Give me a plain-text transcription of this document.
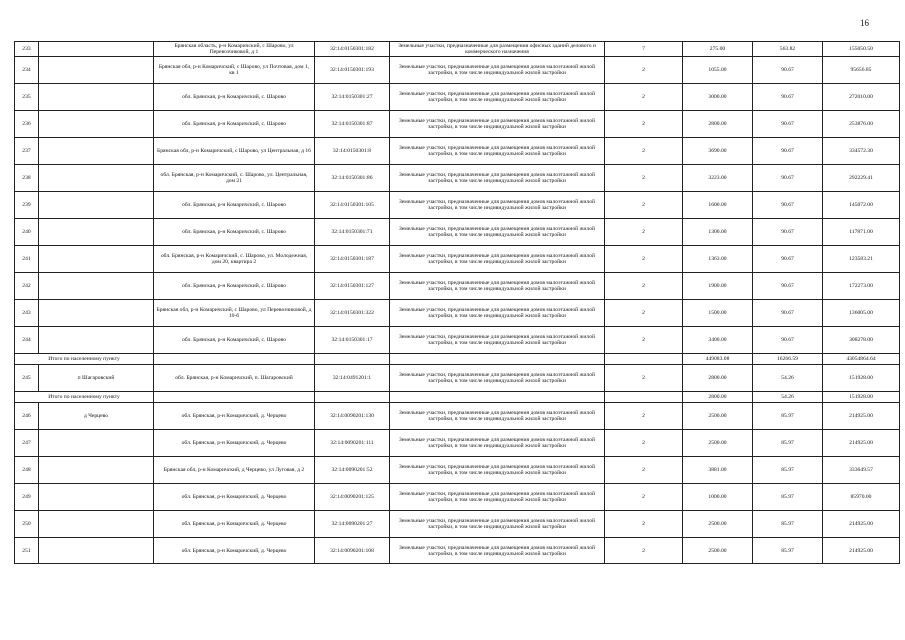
16
233		Брянская область, р-н Комаричский, с Шарово, ул Перевозчиковой, д 1	32:14:0150301:182	Земельные участки, предназначенные для размещения офисных зданий делового и коммерческого назначения	7	275.00	563.82	155050.50
234		Брянская обл, р-н Комаричский, с Шарово, ул Почтовая, дом 1, кв 1	32:14:0150301:193	Земельные участки, предназначенные для размещения домов малоэтажной жилой застройки, в том числе индивидуальной жилой застройки	2	1055.00	90.67	95656.85
235		обл. Брянская, р-н Комаричский, с. Шарово	32:14:0150301:27	Земельные участки, предназначенные для размещения домов малоэтажной жилой застройки, в том числе индивидуальной жилой застройки	2	3000.00	90.67	272010.00
236		обл. Брянская, р-н Комаричский, с. Шарово	32:14:0150301:87	Земельные участки, предназначенные для размещения домов малоэтажной жилой застройки, в том числе индивидуальной жилой застройки	2	2800.00	90.67	253876.00
237		Брянская обл, р-н Комаричский, с Шарово, ул Центральная, д 16	32:14:0150301:8	Земельные участки, предназначенные для размещения домов малоэтажной жилой застройки, в том числе индивидуальной жилой застройки	2	3690.00	90.67	334572.30
238		обл. Брянская, р-н Комаричский, с. Шарово, ул. Центральная, дом 21	32:14:0150301:86	Земельные участки, предназначенные для размещения домов малоэтажной жилой застройки, в том числе индивидуальной жилой застройки	2	3223.00	90.67	292229.41
239		обл. Брянская, р-н Комаричский, с. Шарово	32:14:0150301:105	Земельные участки, предназначенные для размещения домов малоэтажной жилой застройки, в том числе индивидуальной жилой застройки	2	1600.00	90.67	145072.00
240		обл. Брянская, р-н Комаричский, с. Шарово	32:14:0150301:71	Земельные участки, предназначенные для размещения домов малоэтажной жилой застройки, в том числе индивидуальной жилой застройки	2	1300.00	90.67	117871.00
241		обл. Брянская, р-н Комаричский, с. Шарово, ул. Молодежная, дом 20, квартира 2	32:14:0150301:187	Земельные участки, предназначенные для размещения домов малоэтажной жилой застройки, в том числе индивидуальной жилой застройки	2	1363.00	90.67	123583.21
242		обл. Брянская, р-н Комаричский, с. Шарово	32:14:0150301:127	Земельные участки, предназначенные для размещения домов малоэтажной жилой застройки, в том числе индивидуальной жилой застройки	2	1900.00	90.67	172273.00
243		Брянская обл, р-н Комаричский, с Шарово, ул Перевозчиковой, д 10-б	32:14:0150301:322	Земельные участки, предназначенные для размещения домов малоэтажной жилой застройки, в том числе индивидуальной жилой застройки	2	1500.00	90.67	136005.00
244		обл. Брянская, р-н Комаричский, с. Шарово	32:14:0150301:17	Земельные участки, предназначенные для размещения домов малоэтажной жилой застройки, в том числе индивидуальной жилой застройки	2	3400.00	90.67	308278.00
Итого по населенному пункту						449083.08	16266.59	43054864.64
245	п Шагаровский	обл. Брянская, р-н Комаричский, п. Шагаровский	32:14:0491201:1	Земельные участки, предназначенные для размещения домов малоэтажной жилой застройки, в том числе индивидуальной жилой застройки	2	2800.00	54.26	151928.00
Итого по населенному пункту						2800.00	54.26	151928.00
246	д Черцево	обл. Брянская, р-н Комаричский, д. Черцево	32:14:0090201:130	Земельные участки, предназначенные для размещения домов малоэтажной жилой застройки, в том числе индивидуальной жилой застройки	2	2500.00	85.97	214925.00
247		обл. Брянская, р-н Комаричский, д. Черцево	32:14:0090201:111	Земельные участки, предназначенные для размещения домов малоэтажной жилой застройки, в том числе индивидуальной жилой застройки	2	2500.00	85.97	214925.00
248		Брянская обл, р-н Комаричский, д Черцево, ул Луговая, д 2	32:14:0090201:52	Земельные участки, предназначенные для размещения домов малоэтажной жилой застройки, в том числе индивидуальной жилой застройки	2	3881.00	85.97	333649.57
249		обл. Брянская, р-н Комаричский, д. Черцево	32:14:0090201:125	Земельные участки, предназначенные для размещения домов малоэтажной жилой застройки, в том числе индивидуальной жилой застройки	2	1000.00	85.97	85970.00
250		обл. Брянская, р-н Комаричский, д. Черцево	32:14:0090201:27	Земельные участки, предназначенные для размещения домов малоэтажной жилой застройки, в том числе индивидуальной жилой застройки	2	2500.00	85.97	214925.00
251		обл. Брянская, р-н Комаричский, д. Черцево	32:14:0090201:108	Земельные участки, предназначенные для размещения домов малоэтажной жилой застройки, в том числе индивидуальной жилой застройки	2	2500.00	85.97	214925.00
